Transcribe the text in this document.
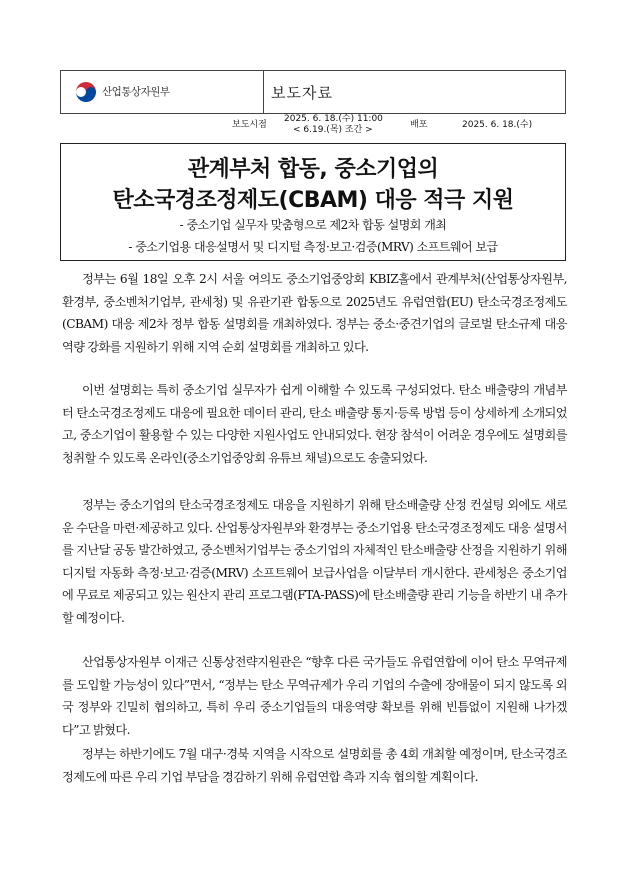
산업통상자원부	보도자료
보도시점
2025. 6. 18.(수) 11:00
< 6.19.(목) 조간 >	배포	2025. 6. 18.(수)
관계부처 합동, 중소기업의
탄소국경조정제도(CBAM) 대응 적극 지원
- 중소기업 실무자 맞춤형으로 제2차 합동 설명회 개최
- 중소기업용 대응설명서 및 디지털 측정·보고·검증(MRV) 소프트웨어 보급

정부는 6월 18일 오후 2시 서울 여의도 중소기업중앙회 KBIZ홀에서 관계부처(산업통상자원부, 환경부, 중소벤처기업부, 관세청) 및 유관기관 합동으로 2025년도 유럽연합(EU) 탄소국경조정제도(CBAM) 대응 제2차 정부 합동 설명회를 개최하였다. 정부는 중소·중견기업의 글로벌 탄소규제 대응역량 강화를 지원하기 위해 지역 순회 설명회를 개최하고 있다.

이번 설명회는 특히 중소기업 실무자가 쉽게 이해할 수 있도록 구성되었다. 탄소 배출량의 개념부터 탄소국경조정제도 대응에 필요한 데이터 관리, 탄소 배출량 통지·등록 방법 등이 상세하게 소개되었고, 중소기업이 활용할 수 있는 다양한 지원사업도 안내되었다. 현장 참석이 어려운 경우에도 설명회를 청취할 수 있도록 온라인(중소기업중앙회 유튜브 채널)으로도 송출되었다.

정부는 중소기업의 탄소국경조정제도 대응을 지원하기 위해 탄소배출량 산정 컨설팅 외에도 새로운 수단을 마련·제공하고 있다. 산업통상자원부와 환경부는 중소기업용 탄소국경조정제도 대응 설명서를 지난달 공동 발간하였고, 중소벤처기업부는 중소기업의 자체적인 탄소배출량 산정을 지원하기 위해 디지털 자동화 측정·보고·검증(MRV) 소프트웨어 보급사업을 이달부터 개시한다. 관세청은 중소기업에 무료로 제공되고 있는 원산지 관리 프로그램(FTA-PASS)에 탄소배출량 관리 기능을 하반기 내 추가할 예정이다.

산업통상자원부 이재근 신통상전략지원관은 “향후 다른 국가들도 유럽연합에 이어 탄소 무역규제를 도입할 가능성이 있다”면서, “정부는 탄소 무역규제가 우리 기업의 수출에 장애물이 되지 않도록 외국 정부와 긴밀히 협의하고, 특히 우리 중소기업들의 대응역량 확보를 위해 빈틈없이 지원해 나가겠다”고 밝혔다.

정부는 하반기에도 7월 대구·경북 지역을 시작으로 설명회를 총 4회 개최할 예정이며, 탄소국경조정제도에 따른 우리 기업 부담을 경감하기 위해 유럽연합 측과 지속 협의할 계획이다.
